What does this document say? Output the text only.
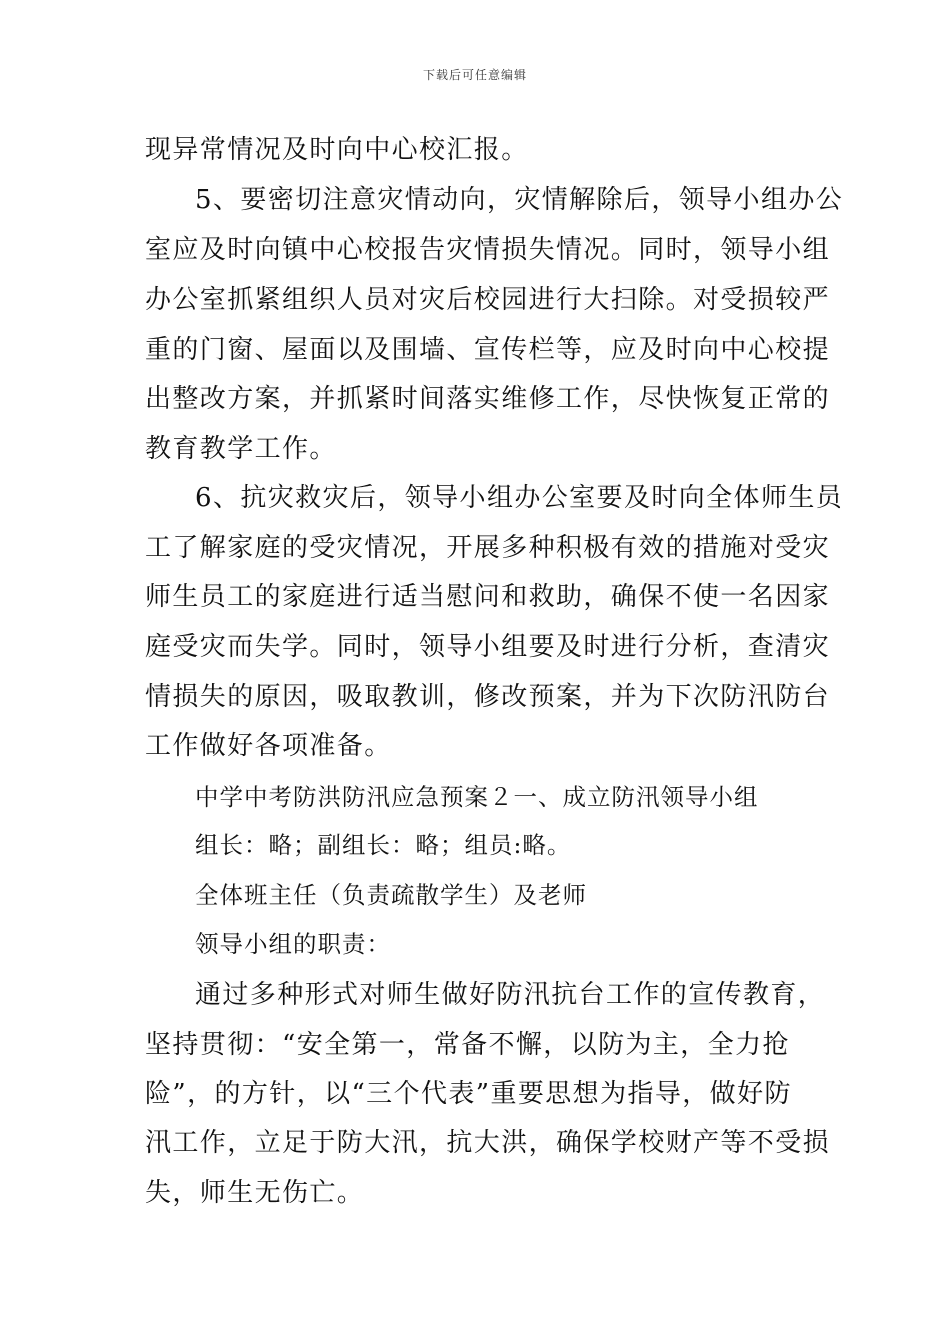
下载后可任意编辑
现异常情况及时向中心校汇报。
5、要密切注意灾情动向，灾情解除后，领导小组办公
室应及时向镇中心校报告灾情损失情况。同时，领导小组
办公室抓紧组织人员对灾后校园进行大扫除。对受损较严
重的门窗、屋面以及围墙、宣传栏等，应及时向中心校提
出整改方案，并抓紧时间落实维修工作，尽快恢复正常的
教育教学工作。
6、抗灾救灾后，领导小组办公室要及时向全体师生员
工了解家庭的受灾情况，开展多种积极有效的措施对受灾
师生员工的家庭进行适当慰问和救助，确保不使一名因家
庭受灾而失学。同时，领导小组要及时进行分析，查清灾
情损失的原因，吸取教训，修改预案，并为下次防汛防台
工作做好各项准备。
中学中考防洪防汛应急预案２一、成立防汛领导小组
组长：略；副组长：略；组员:略。
全体班主任（负责疏散学生）及老师
领导小组的职责：
通过多种形式对师生做好防汛抗台工作的宣传教育，
坚持贯彻：“安全第一，常备不懈，以防为主，全力抢
险”，的方针，以“三个代表”重要思想为指导，做好防
汛工作，立足于防大汛，抗大洪，确保学校财产等不受损
失，师生无伤亡。
